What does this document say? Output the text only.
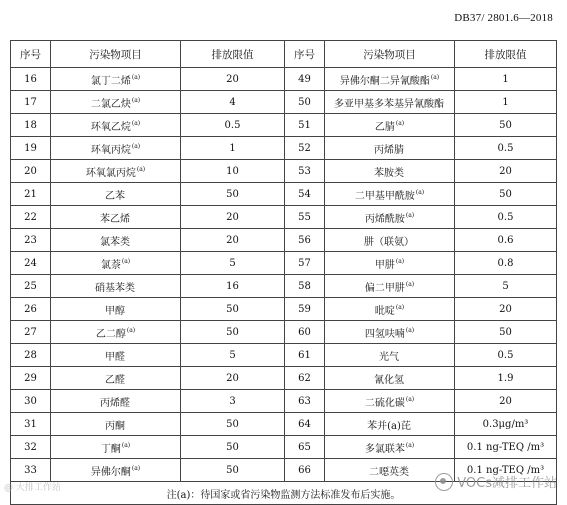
DB37/ 2801.6—2018
序号	污染物项目	排放限值	序号	污染物项目	排放限值
16	氯丁二烯$^{(a)}$	20	49	异佛尔酮二异氰酸酯$^{(a)}$	1
17	二氯乙炔$^{(a)}$	4	50	多亚甲基多苯基异氰酸酯	1
18	环氧乙烷$^{(a)}$	0.5	51	乙腈$^{(a)}$	50
19	环氧丙烷$^{(a)}$	1	52	丙烯腈	0.5
20	环氧氯丙烷$^{(a)}$	10	53	苯胺类	20
21	乙苯	50	54	二甲基甲酰胺$^{(a)}$	50
22	苯乙烯	20	55	丙烯酰胺$^{(a)}$	0.5
23	氯苯类	20	56	肼（联氨）	0.6
24	氯萘$^{(a)}$	5	57	甲肼$^{(a)}$	0.8
25	硝基苯类	16	58	偏二甲肼$^{(a)}$	5
26	甲醇	50	59	吡啶$^{(a)}$	20
27	乙二醇$^{(a)}$	50	60	四氢呋喃$^{(a)}$	50
28	甲醛	5	61	光气	0.5
29	乙醛	20	62	氰化氢	1.9
30	丙烯醛	3	63	二硫化碳$^{(a)}$	20
31	丙酮	50	64	苯并(a)芘	0.3μg/m³
32	丁酮$^{(a)}$	50	65	多氯联苯$^{(a)}$	0.1 ng-TEQ /m³
33	异佛尔酮$^{(a)}$	50	66	二噁英类	0.1 ng-TEQ /m³
注(a)：待国家或省污染物监测方法标准发布后实施。					
@ 大排工作站	VOCs减排工作站
